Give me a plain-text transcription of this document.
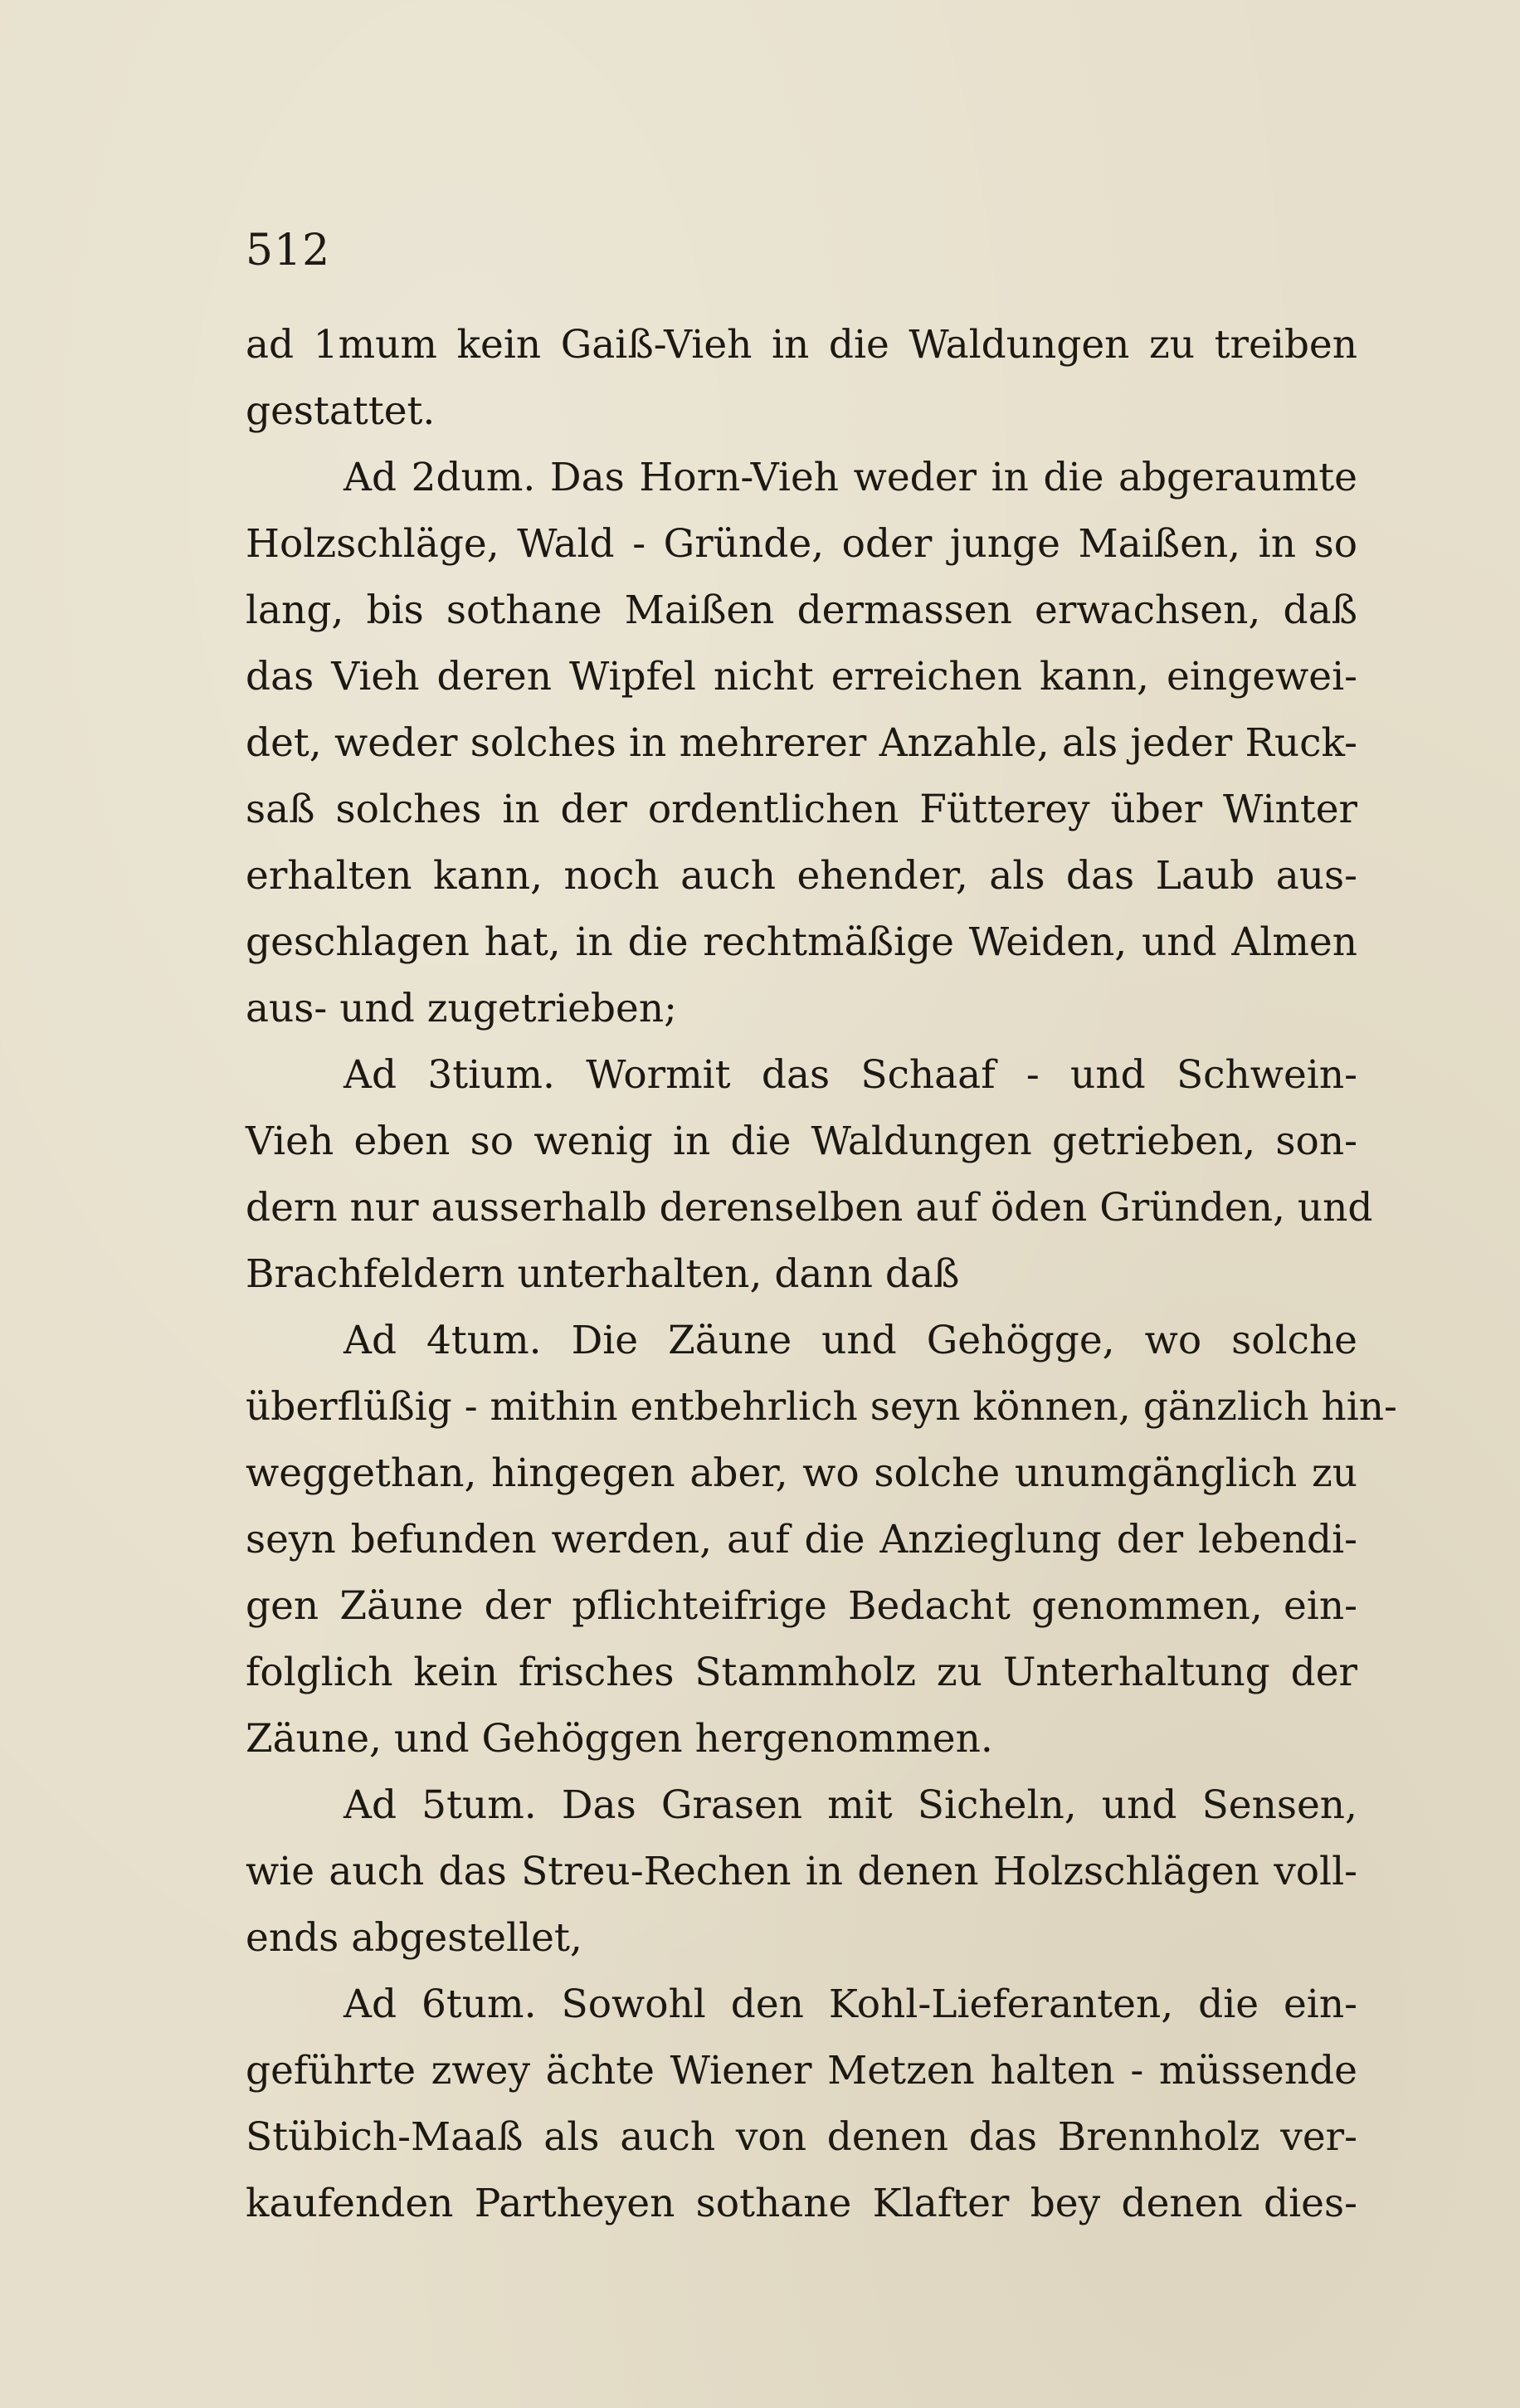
512
ad 1mum kein Gaiß-Vieh in die Waldungen zu treiben
gestattet.
Ad 2dum. Das Horn-Vieh weder in die abgeraumte
Holzschläge, Wald - Gründe, oder junge Maißen, in so
lang, bis sothane Maißen dermassen erwachsen, daß
das Vieh deren Wipfel nicht erreichen kann, eingewei-
det, weder solches in mehrerer Anzahle, als jeder Ruck-
saß solches in der ordentlichen Fütterey über Winter
erhalten kann, noch auch ehender, als das Laub aus-
geschlagen hat, in die rechtmäßige Weiden, und Almen
aus- und zugetrieben;
Ad 3tium. Wormit das Schaaf - und Schwein-
Vieh eben so wenig in die Waldungen getrieben, son-
dern nur ausserhalb derenselben auf öden Gründen, und
Brachfeldern unterhalten, dann daß
Ad 4tum. Die Zäune und Gehögge, wo solche
überflüßig - mithin entbehrlich seyn können, gänzlich hin-
weggethan, hingegen aber, wo solche unumgänglich zu
seyn befunden werden, auf die Anzieglung der lebendi-
gen Zäune der pflichteifrige Bedacht genommen, ein-
folglich kein frisches Stammholz zu Unterhaltung der
Zäune, und Gehöggen hergenommen.
Ad 5tum. Das Grasen mit Sicheln, und Sensen,
wie auch das Streu-Rechen in denen Holzschlägen voll-
ends abgestellet,
Ad 6tum. Sowohl den Kohl-Lieferanten, die ein-
geführte zwey ächte Wiener Metzen halten - müssende
Stübich-Maaß als auch von denen das Brennholz ver-
kaufenden Partheyen sothane Klafter bey denen dies-
